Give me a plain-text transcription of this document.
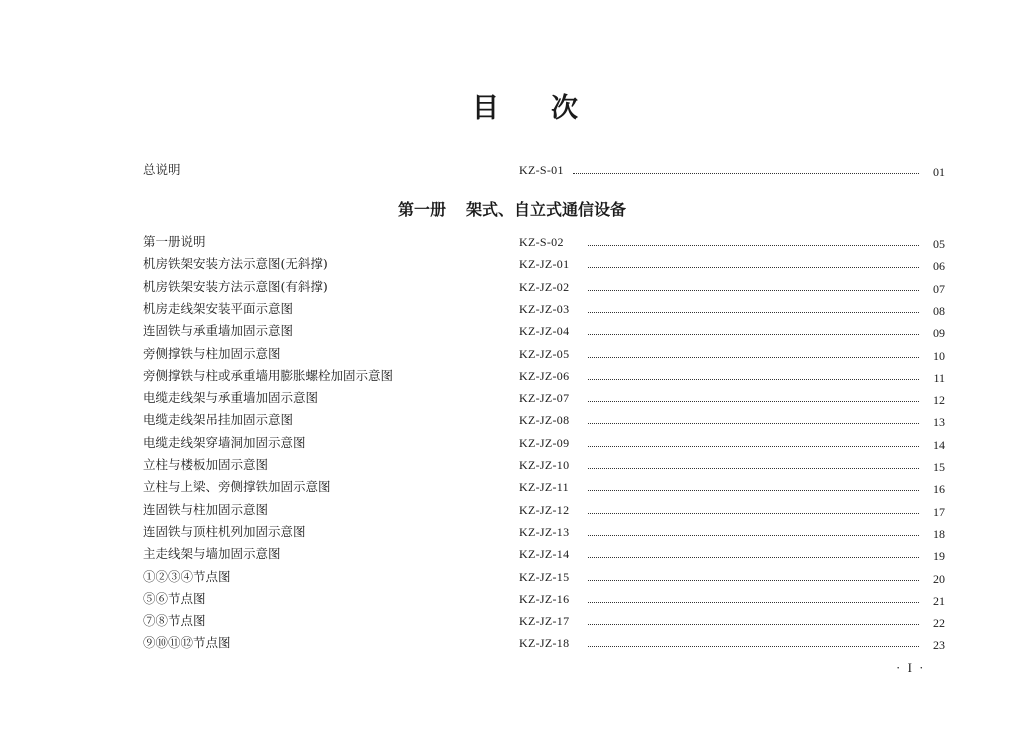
目 次
总说明	KZ-S-01	01
第一册 架式、自立式通信设备
第一册说明	KZ-S-02	05
机房铁架安装方法示意图(无斜撑)	KZ-JZ-01	06
机房铁架安装方法示意图(有斜撑)	KZ-JZ-02	07
机房走线架安装平面示意图	KZ-JZ-03	08
连固铁与承重墙加固示意图	KZ-JZ-04	09
旁侧撑铁与柱加固示意图	KZ-JZ-05	10
旁侧撑铁与柱或承重墙用膨胀螺栓加固示意图	KZ-JZ-06	11
电缆走线架与承重墙加固示意图	KZ-JZ-07	12
电缆走线架吊挂加固示意图	KZ-JZ-08	13
电缆走线架穿墙洞加固示意图	KZ-JZ-09	14
立柱与楼板加固示意图	KZ-JZ-10	15
立柱与上梁、旁侧撑铁加固示意图	KZ-JZ-11	16
连固铁与柱加固示意图	KZ-JZ-12	17
连固铁与顶柱机列加固示意图	KZ-JZ-13	18
主走线架与墙加固示意图	KZ-JZ-14	19
①②③④节点图	KZ-JZ-15	20
⑤⑥节点图	KZ-JZ-16	21
⑦⑧节点图	KZ-JZ-17	22
⑨⑩⑪⑫节点图	KZ-JZ-18	23
· I ·
